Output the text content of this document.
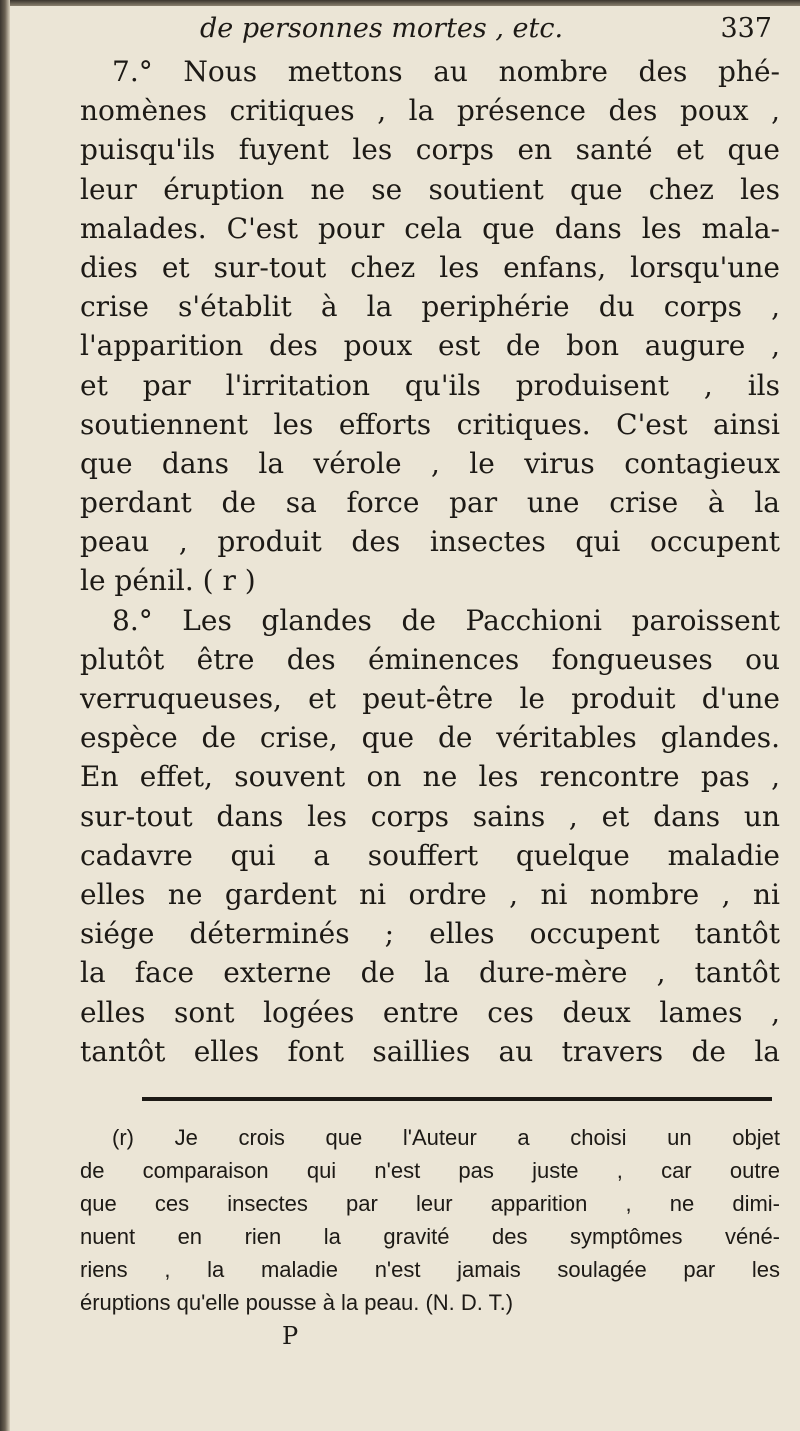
de personnes mortes , etc.	337
7.° Nous mettons au nombre des phé-
nomènes critiques , la présence des poux ,
puisqu'ils fuyent les corps en santé et que
leur éruption ne se soutient que chez les
malades. C'est pour cela que dans les mala-
dies et sur-tout chez les enfans, lorsqu'une
crise s'établit à la periphérie du corps ,
l'apparition des poux est de bon augure ,
et par l'irritation qu'ils produisent , ils
soutiennent les efforts critiques. C'est ainsi
que dans la vérole , le virus contagieux
perdant de sa force par une crise à la
peau , produit des insectes qui occupent
le pénil. ( r )
8.° Les glandes de Pacchioni paroissent
plutôt être des éminences fongueuses ou
verruqueuses, et peut-être le produit d'une
espèce de crise, que de véritables glandes.
En effet, souvent on ne les rencontre pas ,
sur-tout dans les corps sains , et dans un
cadavre qui a souffert quelque maladie
elles ne gardent ni ordre , ni nombre , ni
siége déterminés ; elles occupent tantôt
la face externe de la dure-mère , tantôt
elles sont logées entre ces deux lames ,
tantôt elles font saillies au travers de la
(r) Je crois que l'Auteur a choisi un objet
de comparaison qui n'est pas juste , car outre
que ces insectes par leur apparition , ne dimi-
nuent en rien la gravité des symptômes véné-
riens , la maladie n'est jamais soulagée par les
éruptions qu'elle pousse à la peau. (N. D. T.)
P
